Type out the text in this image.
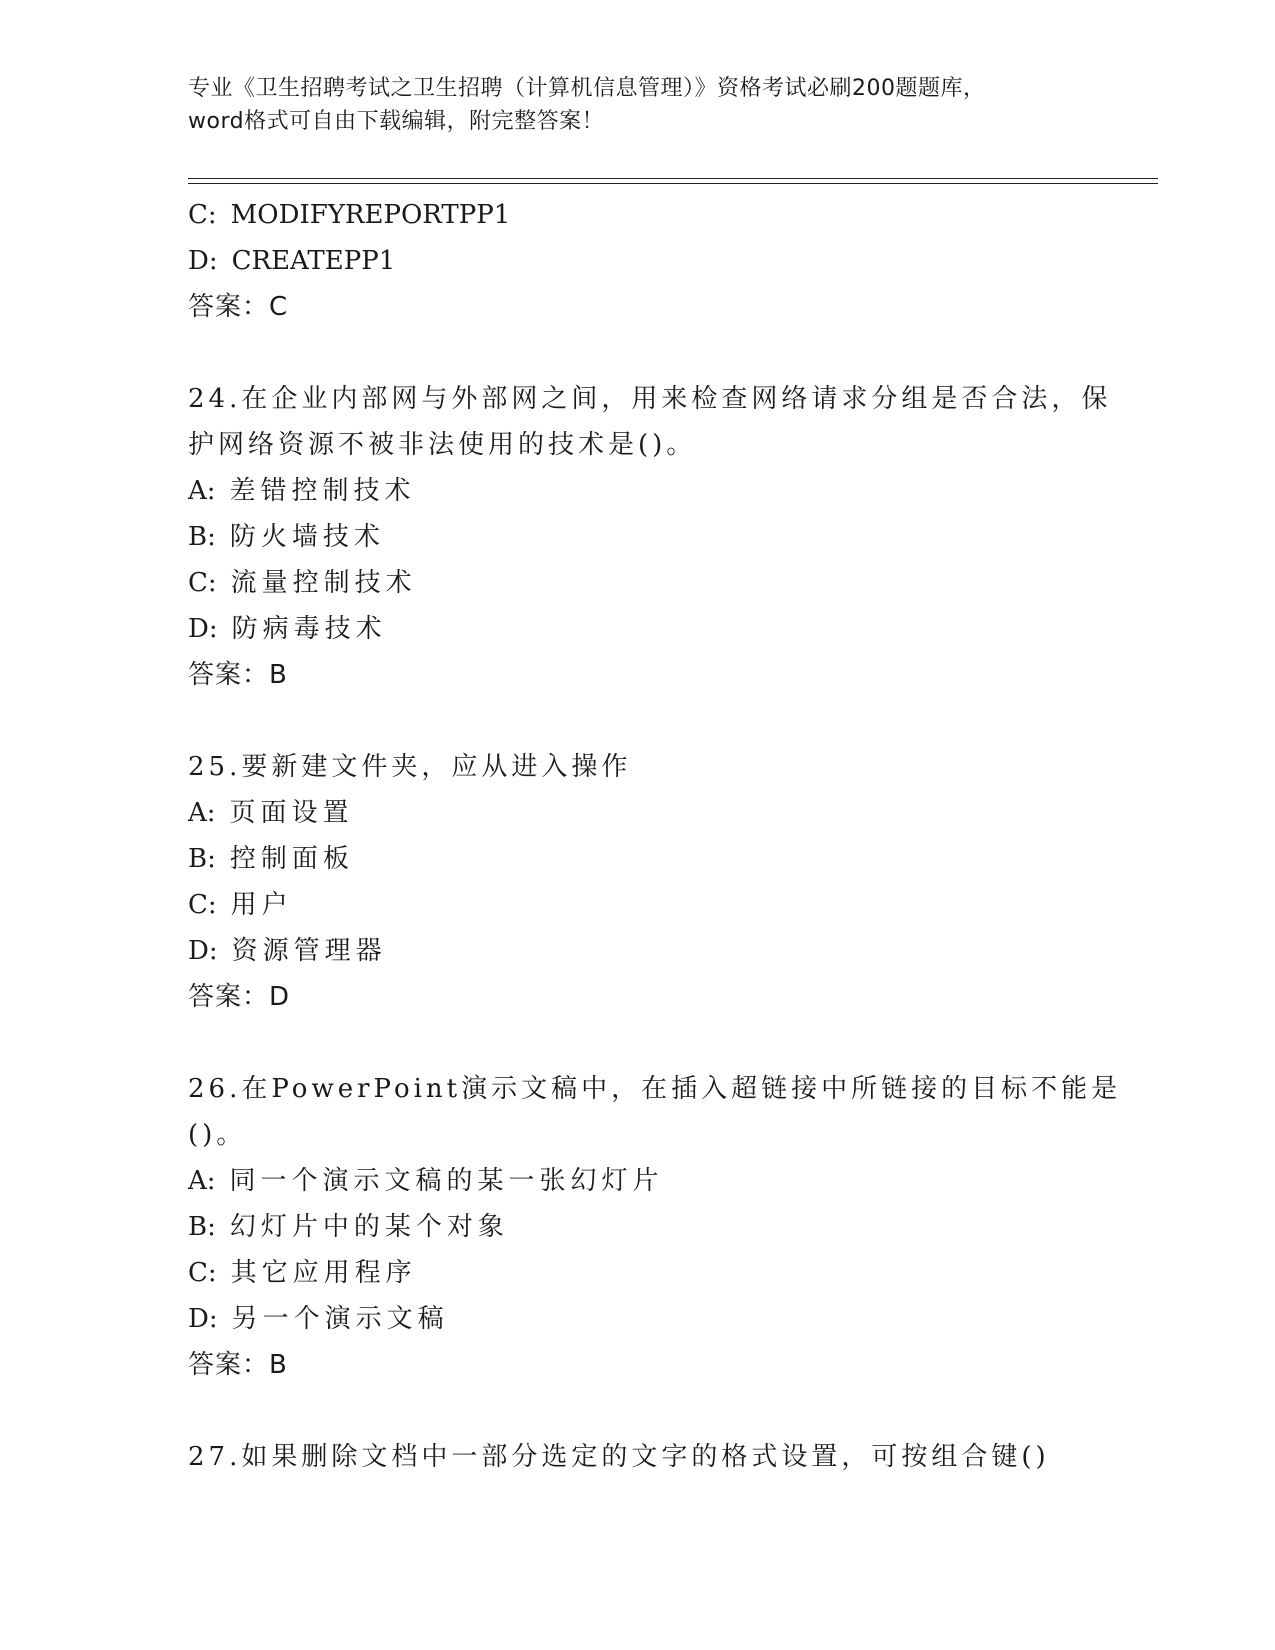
专业《卫生招聘考试之卫生招聘（计算机信息管理）》资格考试必刷200题题库，
word格式可自由下载编辑，附完整答案！
C: MODIFYREPORTPP1
D: CREATEPP1
答案：C
24.在企业内部网与外部网之间，用来检查网络请求分组是否合法，保
护网络资源不被非法使用的技术是()。
A: 差错控制技术
B: 防火墙技术
C: 流量控制技术
D: 防病毒技术
答案：B
25.要新建文件夹，应从进入操作
A: 页面设置
B: 控制面板
C: 用户
D: 资源管理器
答案：D
26.在PowerPoint演示文稿中，在插入超链接中所链接的目标不能是
()。
A: 同一个演示文稿的某一张幻灯片
B: 幻灯片中的某个对象
C: 其它应用程序
D: 另一个演示文稿
答案：B
27.如果删除文档中一部分选定的文字的格式设置，可按组合键()
